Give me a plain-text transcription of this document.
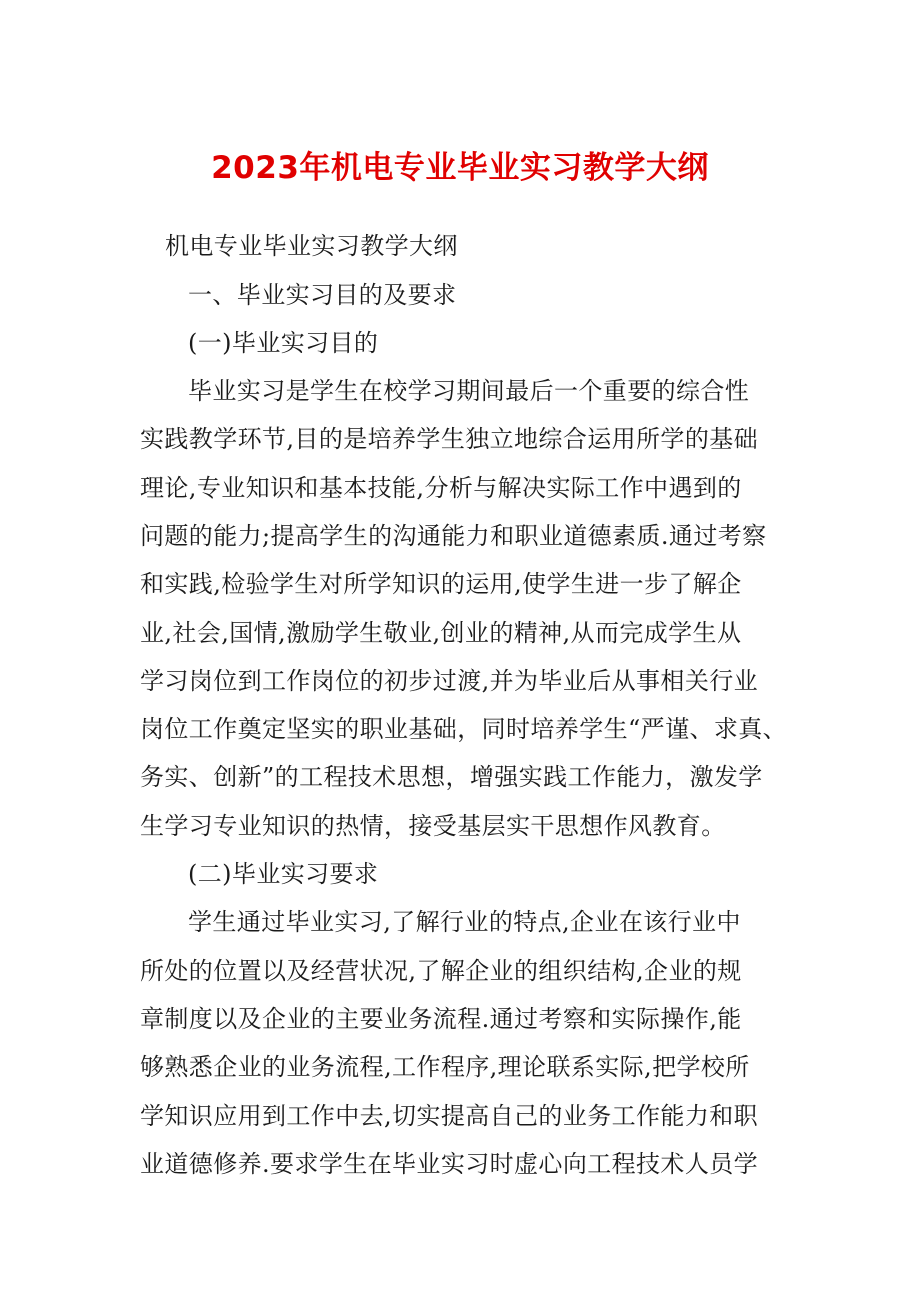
2023年机电专业毕业实习教学大纲

机电专业毕业实习教学大纲

一、毕业实习目的及要求

(一)毕业实习目的

毕业实习是学生在校学习期间最后一个重要的综合性

实践教学环节,目的是培养学生独立地综合运用所学的基础

理论,专业知识和基本技能,分析与解决实际工作中遇到的

问题的能力;提高学生的沟通能力和职业道德素质.通过考察

和实践,检验学生对所学知识的运用,使学生进一步了解企

业,社会,国情,激励学生敬业,创业的精神,从而完成学生从

学习岗位到工作岗位的初步过渡,并为毕业后从事相关行业

岗位工作奠定坚实的职业基础，同时培养学生“严谨、求真、

务实、创新”的工程技术思想，增强实践工作能力，激发学

生学习专业知识的热情，接受基层实干思想作风教育。

(二)毕业实习要求

学生通过毕业实习,了解行业的特点,企业在该行业中

所处的位置以及经营状况,了解企业的组织结构,企业的规

章制度以及企业的主要业务流程.通过考察和实际操作,能

够熟悉企业的业务流程,工作程序,理论联系实际,把学校所

学知识应用到工作中去,切实提高自己的业务工作能力和职

业道德修养.要求学生在毕业实习时虚心向工程技术人员学
